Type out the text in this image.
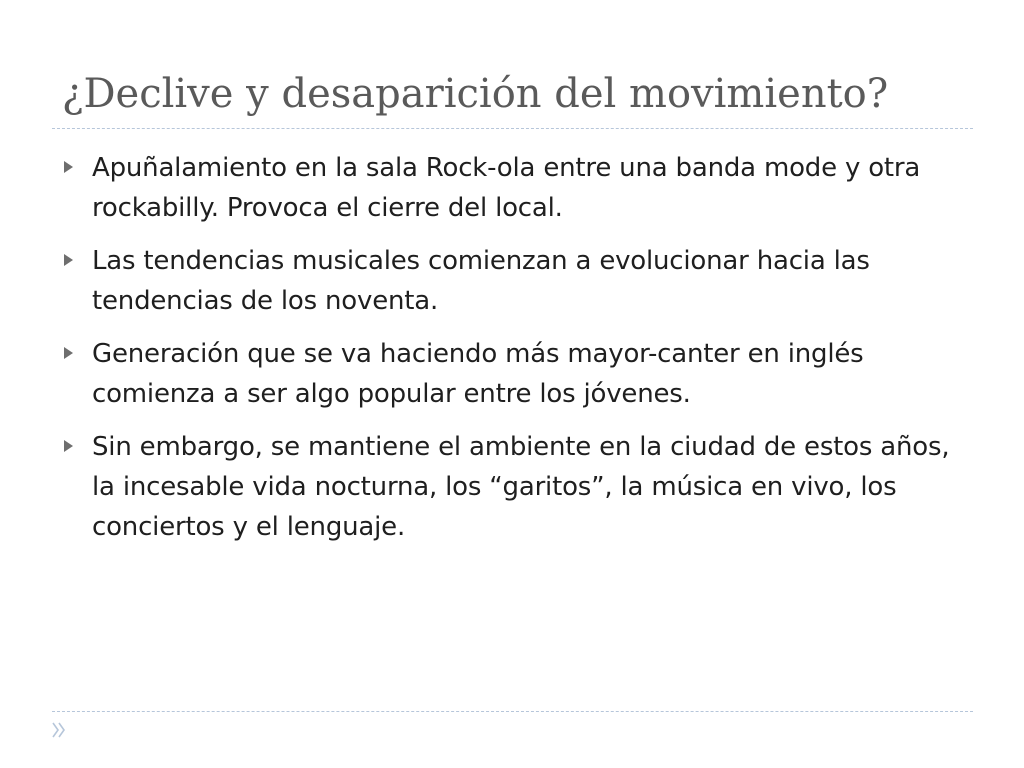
¿Declive y desaparición del movimiento?
Apuñalamiento en la sala Rock-ola entre una banda mode y otra rockabilly. Provoca el cierre del local.
Las tendencias musicales comienzan a evolucionar hacia las tendencias de los noventa.
Generación que se va haciendo más mayor-canter en inglés comienza a ser algo popular entre los jóvenes.
Sin embargo, se mantiene el ambiente en la ciudad de estos años, la incesable vida nocturna, los “garitos”, la música en vivo, los conciertos y el lenguaje.
